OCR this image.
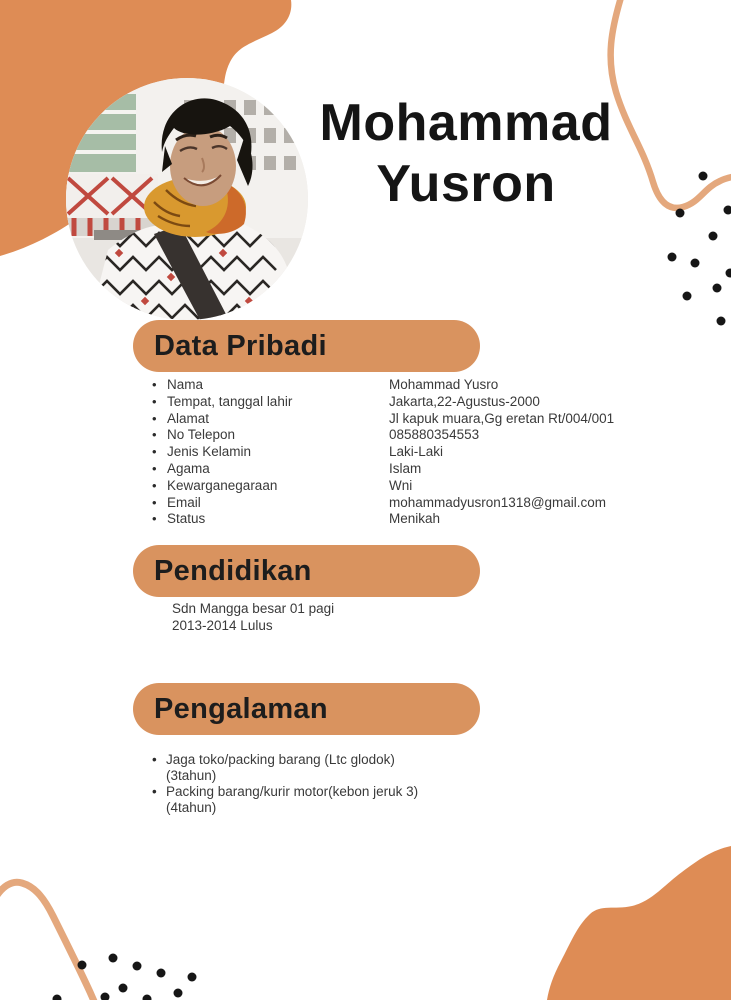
Mohammad
Yusron
Data Pribadi
• Nama	Mohammad Yusro
• Tempat, tanggal lahir	Jakarta,22-Agustus-2000
• Alamat	Jl kapuk muara,Gg eretan Rt/004/001
• No Telepon	085880354553
• Jenis Kelamin	Laki-Laki
• Agama	Islam
• Kewarganegaraan	Wni
• Email	mohammadyusron1318@gmail.com
• Status	Menikah
Pendidikan
Sdn Mangga besar 01 pagi
2013-2014 Lulus
Pengalaman
• Jaga toko/packing barang (Ltc glodok)
(3tahun)
• Packing barang/kurir motor(kebon jeruk 3)
(4tahun)
